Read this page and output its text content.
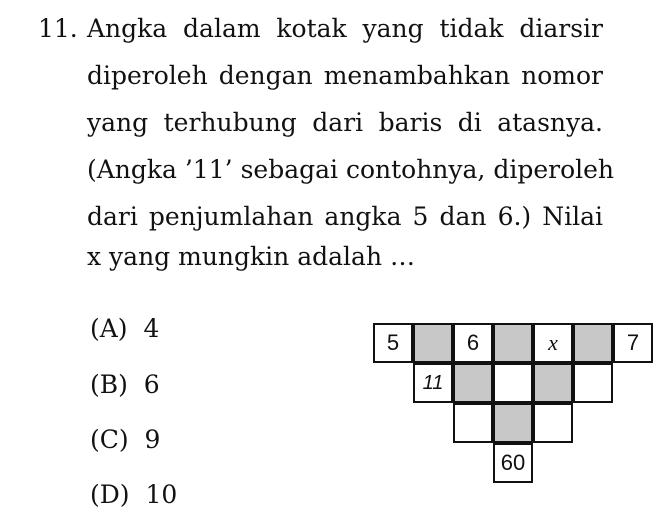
11. Angka dalam kotak yang tidak diarsir
diperoleh dengan menambahkan nomor
yang terhubung dari baris di atasnya.
(Angka ’11’ sebagai contohnya, diperoleh
dari penjumlahan angka 5 dan 6.) Nilai
x yang mungkin adalah …
(A) 4
(B) 6
(C) 9
(D) 10
5	6	x	7
11
60
